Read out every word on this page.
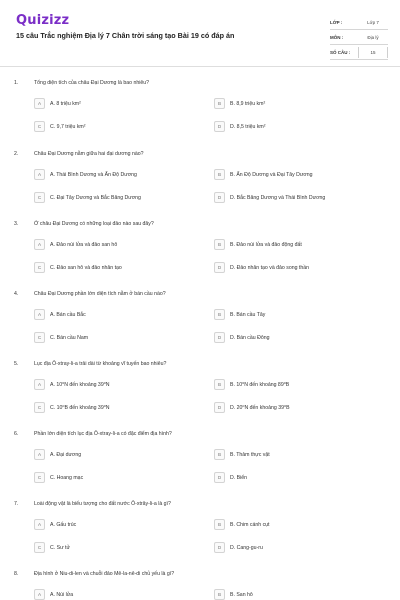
Quizizz
15 câu Trắc nghiệm Địa lý 7 Chân trời sáng tạo Bài 19 có đáp án
LỚP :	Lớp 7
MÔN :	Địa lý
SỐ CÂU :	15
1.	Tổng diện tích của châu Đại Dương là bao nhiêu?
A	A. 8 triệu km²	B	B. 8,9 triệu km²
C	C. 9,7 triệu km²	D	D. 8,5 triệu km²
2.	Châu Đại Dương nằm giữa hai đại dương nào?
A	A. Thái Bình Dương và Ấn Độ Dương	B	B. Ấn Độ Dương và Đại Tây Dương
C	C. Đại Tây Dương và Bắc Băng Dương	D	D. Bắc Băng Dương và Thái Bình Dương
3.	Ở châu Đại Dương có những loại đảo nào sau đây?
A	A. Đảo núi lửa và đảo san hô	B	B. Đảo núi lửa và đảo động đất
C	C. Đảo san hô và đảo nhân tạo	D	D. Đảo nhân tạo và đảo song thần
4.	Châu Đại Dương phần lớn diện tích nằm ở bán cầu nào?
A	A. Bán cầu Bắc	B	B. Bán cầu Tây
C	C. Bán cầu Nam	D	D. Bán cầu Đông
5.	Lục địa Ô-xtray-li-a trải dài từ khoảng vĩ tuyến bao nhiêu?
A	A. 10⁰N đến khoảng 39⁰N	B	B. 10⁰N đến khoảng 89⁰B
C	C. 10⁰B đến khoảng 39⁰N	D	D. 20⁰N đến khoảng 39⁰B
6.	Phần lớn diện tích lục địa Ô-xtray-li-a có đặc điểm địa hình?
A	A. Đại dương	B	B. Thảm thực vật
C	C. Hoang mạc	D	D. Biển
7.	Loài động vật là biểu tượng cho đất nước Ô-xtrây-li-a là gì?
A	A. Gấu trúc	B	B. Chim cánh cụt
C	C. Sư tử	D	D. Cang-gu-ru
8.	Địa hình ở Niu-di-len và chuỗi đảo Mê-la-nê-di chủ yếu là gì?
A	A. Núi lửa	B	B. San hô
